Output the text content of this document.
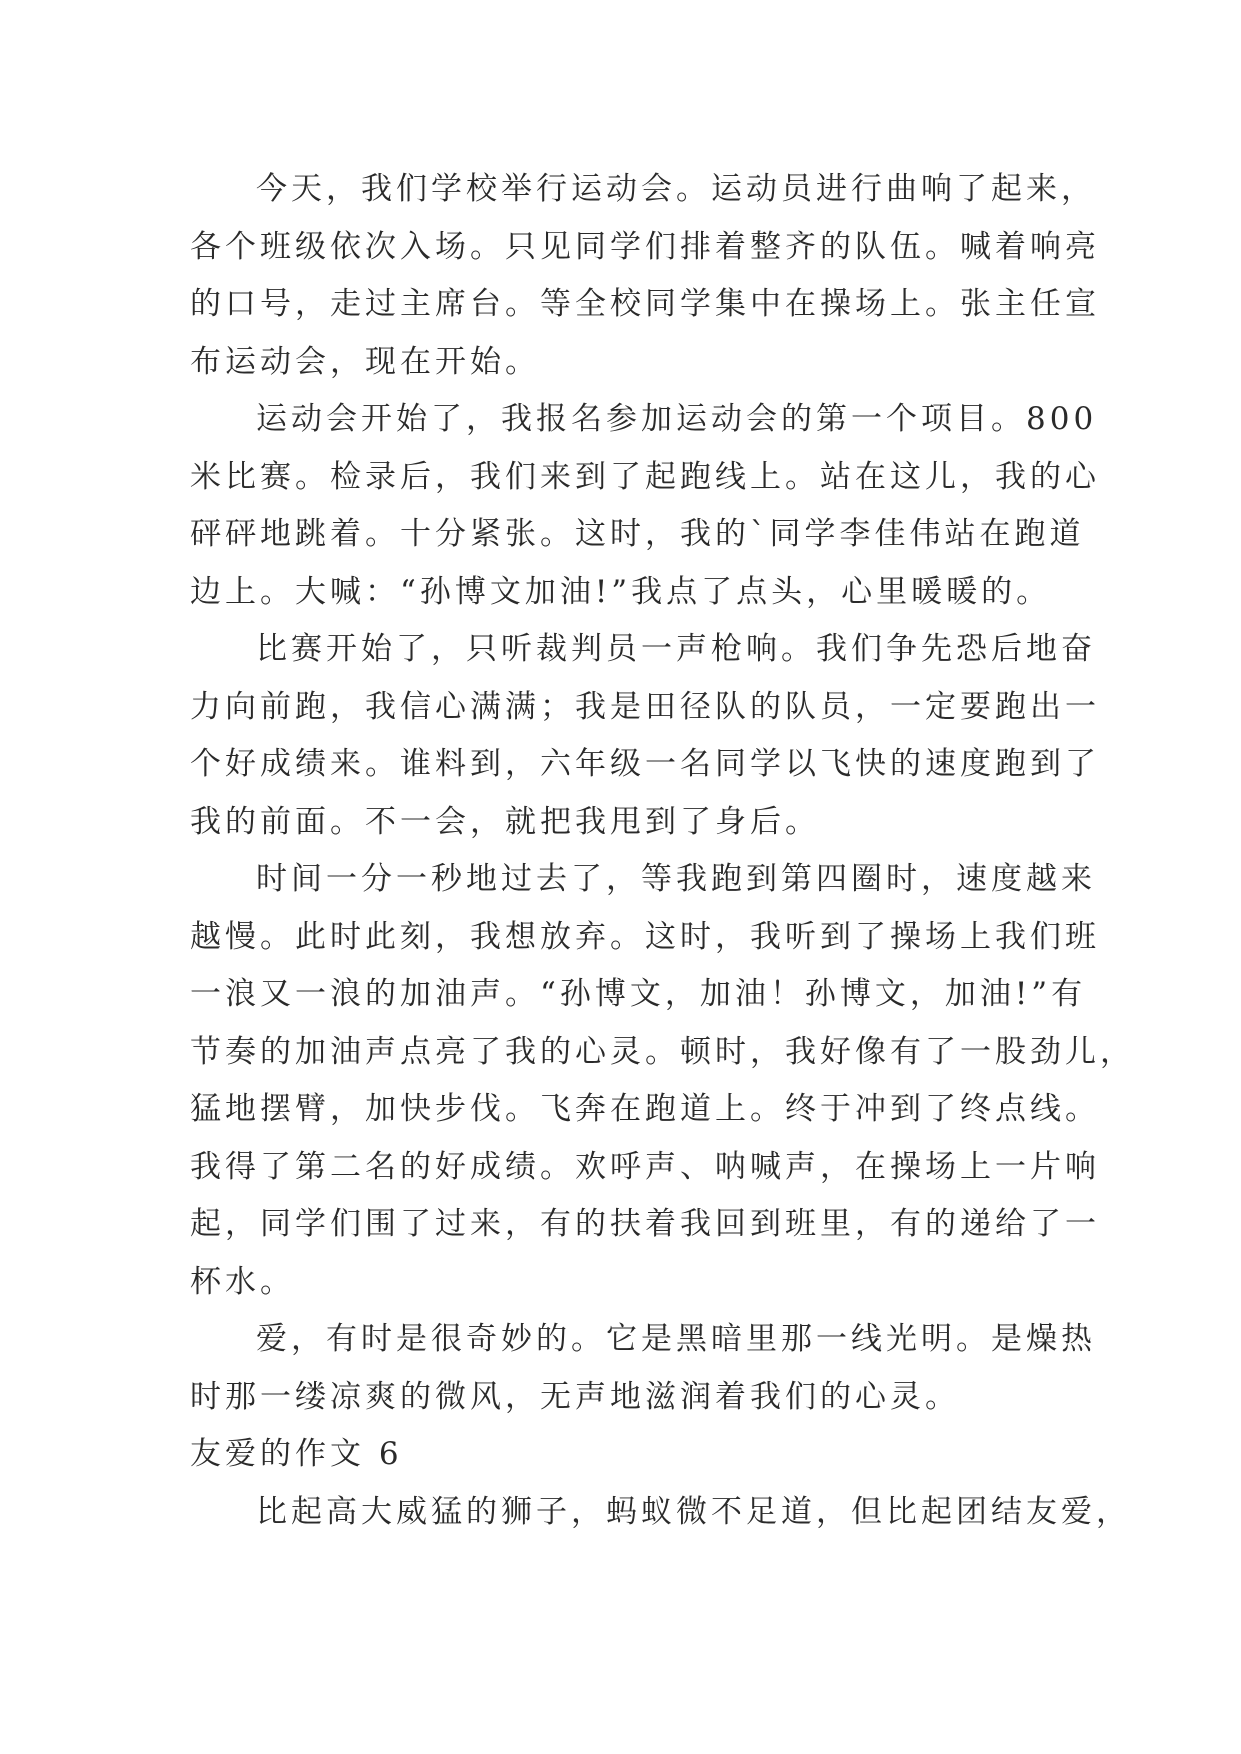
今天，我们学校举行运动会。运动员进行曲响了起来，
各个班级依次入场。只见同学们排着整齐的队伍。喊着响亮
的口号，走过主席台。等全校同学集中在操场上。张主任宣
布运动会，现在开始。

运动会开始了，我报名参加运动会的第一个项目。800
米比赛。检录后，我们来到了起跑线上。站在这儿，我的心
砰砰地跳着。十分紧张。这时，我的`同学李佳伟站在跑道
边上。大喊：“孙博文加油!”我点了点头，心里暖暖的。

比赛开始了，只听裁判员一声枪响。我们争先恐后地奋
力向前跑，我信心满满；我是田径队的队员，一定要跑出一
个好成绩来。谁料到，六年级一名同学以飞快的速度跑到了
我的前面。不一会，就把我甩到了身后。

时间一分一秒地过去了，等我跑到第四圈时，速度越来
越慢。此时此刻，我想放弃。这时，我听到了操场上我们班
一浪又一浪的加油声。“孙博文，加油！孙博文，加油!”有
节奏的加油声点亮了我的心灵。顿时，我好像有了一股劲儿，
猛地摆臂，加快步伐。飞奔在跑道上。终于冲到了终点线。
我得了第二名的好成绩。欢呼声、呐喊声，在操场上一片响
起，同学们围了过来，有的扶着我回到班里，有的递给了一
杯水。

爱，有时是很奇妙的。它是黑暗里那一线光明。是燥热
时那一缕凉爽的微风，无声地滋润着我们的心灵。

友爱的作文 6

比起高大威猛的狮子，蚂蚁微不足道，但比起团结友爱，
